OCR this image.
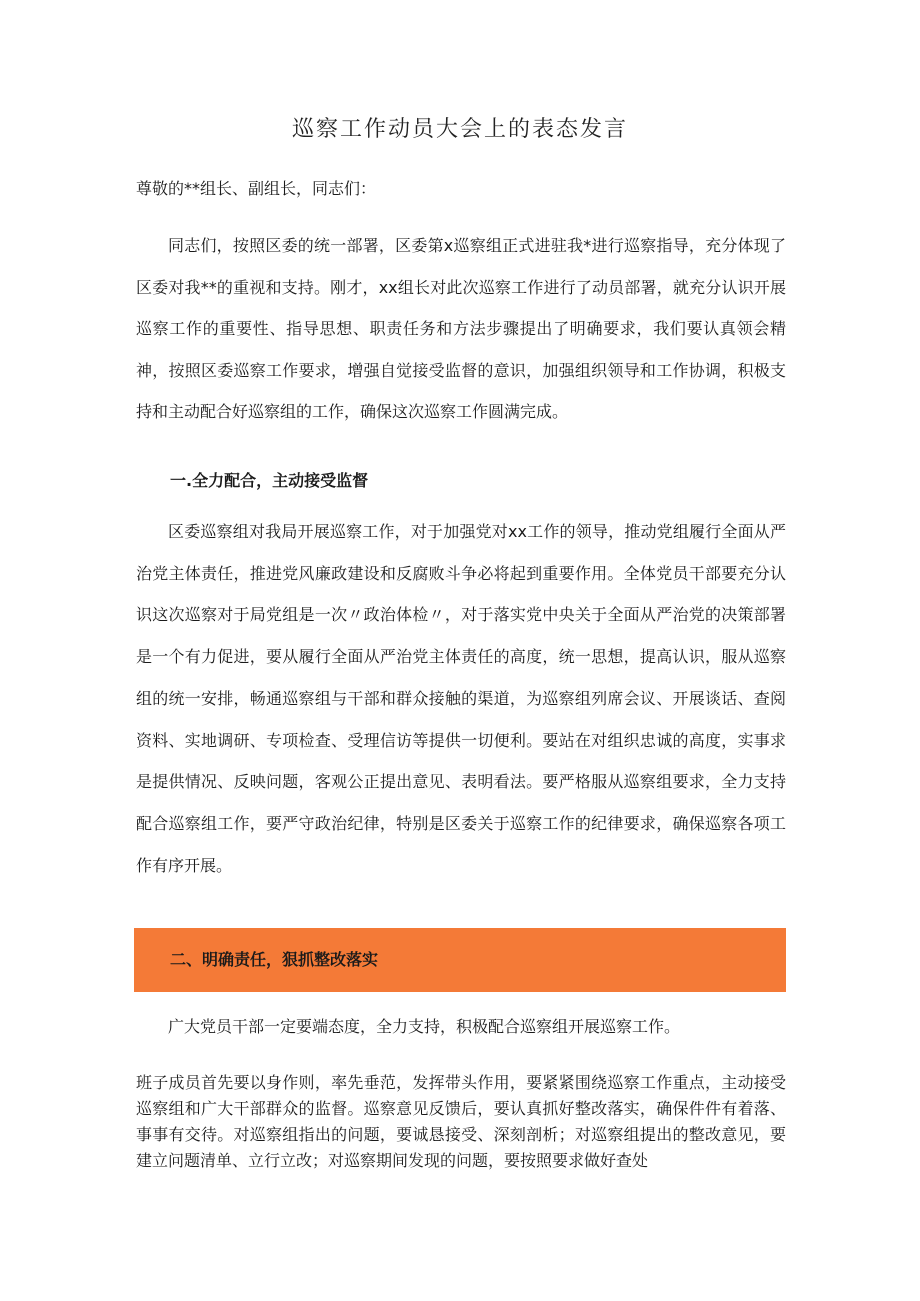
巡察工作动员大会上的表态发言

尊敬的**组长、副组长，同志们：

同志们，按照区委的统一部署，区委第x巡察组正式进驻我*进行巡察指导，充分体现了区委对我**的重视和支持。刚才，xx组长对此次巡察工作进行了动员部署，就充分认识开展巡察工作的重要性、指导思想、职责任务和方法步骤提出了明确要求，我们要认真领会精神，按照区委巡察工作要求，增强自觉接受监督的意识，加强组织领导和工作协调，积极支持和主动配合好巡察组的工作，确保这次巡察工作圆满完成。

一.全力配合，主动接受监督

区委巡察组对我局开展巡察工作，对于加强党对xx工作的领导，推动党组履行全面从严治党主体责任，推进党风廉政建设和反腐败斗争必将起到重要作用。全体党员干部要充分认识这次巡察对于局党组是一次〃政治体检〃，对于落实党中央关于全面从严治党的决策部署是一个有力促进，要从履行全面从严治党主体责任的高度，统一思想，提高认识，服从巡察组的统一安排，畅通巡察组与干部和群众接触的渠道，为巡察组列席会议、开展谈话、查阅资料、实地调研、专项检查、受理信访等提供一切便利。要站在对组织忠诚的高度，实事求是提供情况、反映问题，客观公正提出意见、表明看法。要严格服从巡察组要求，全力支持配合巡察组工作，要严守政治纪律，特别是区委关于巡察工作的纪律要求，确保巡察各项工作有序开展。

二、明确责任，狠抓整改落实

广大党员干部一定要端态度，全力支持，积极配合巡察组开展巡察工作。

班子成员首先要以身作则，率先垂范，发挥带头作用，要紧紧围绕巡察工作重点，主动接受巡察组和广大干部群众的监督。巡察意见反馈后，要认真抓好整改落实，确保件件有着落、事事有交待。对巡察组指出的问题，要诚恳接受、深刻剖析；对巡察组提出的整改意见，要建立问题清单、立行立改；对巡察期间发现的问题，要按照要求做好查处
